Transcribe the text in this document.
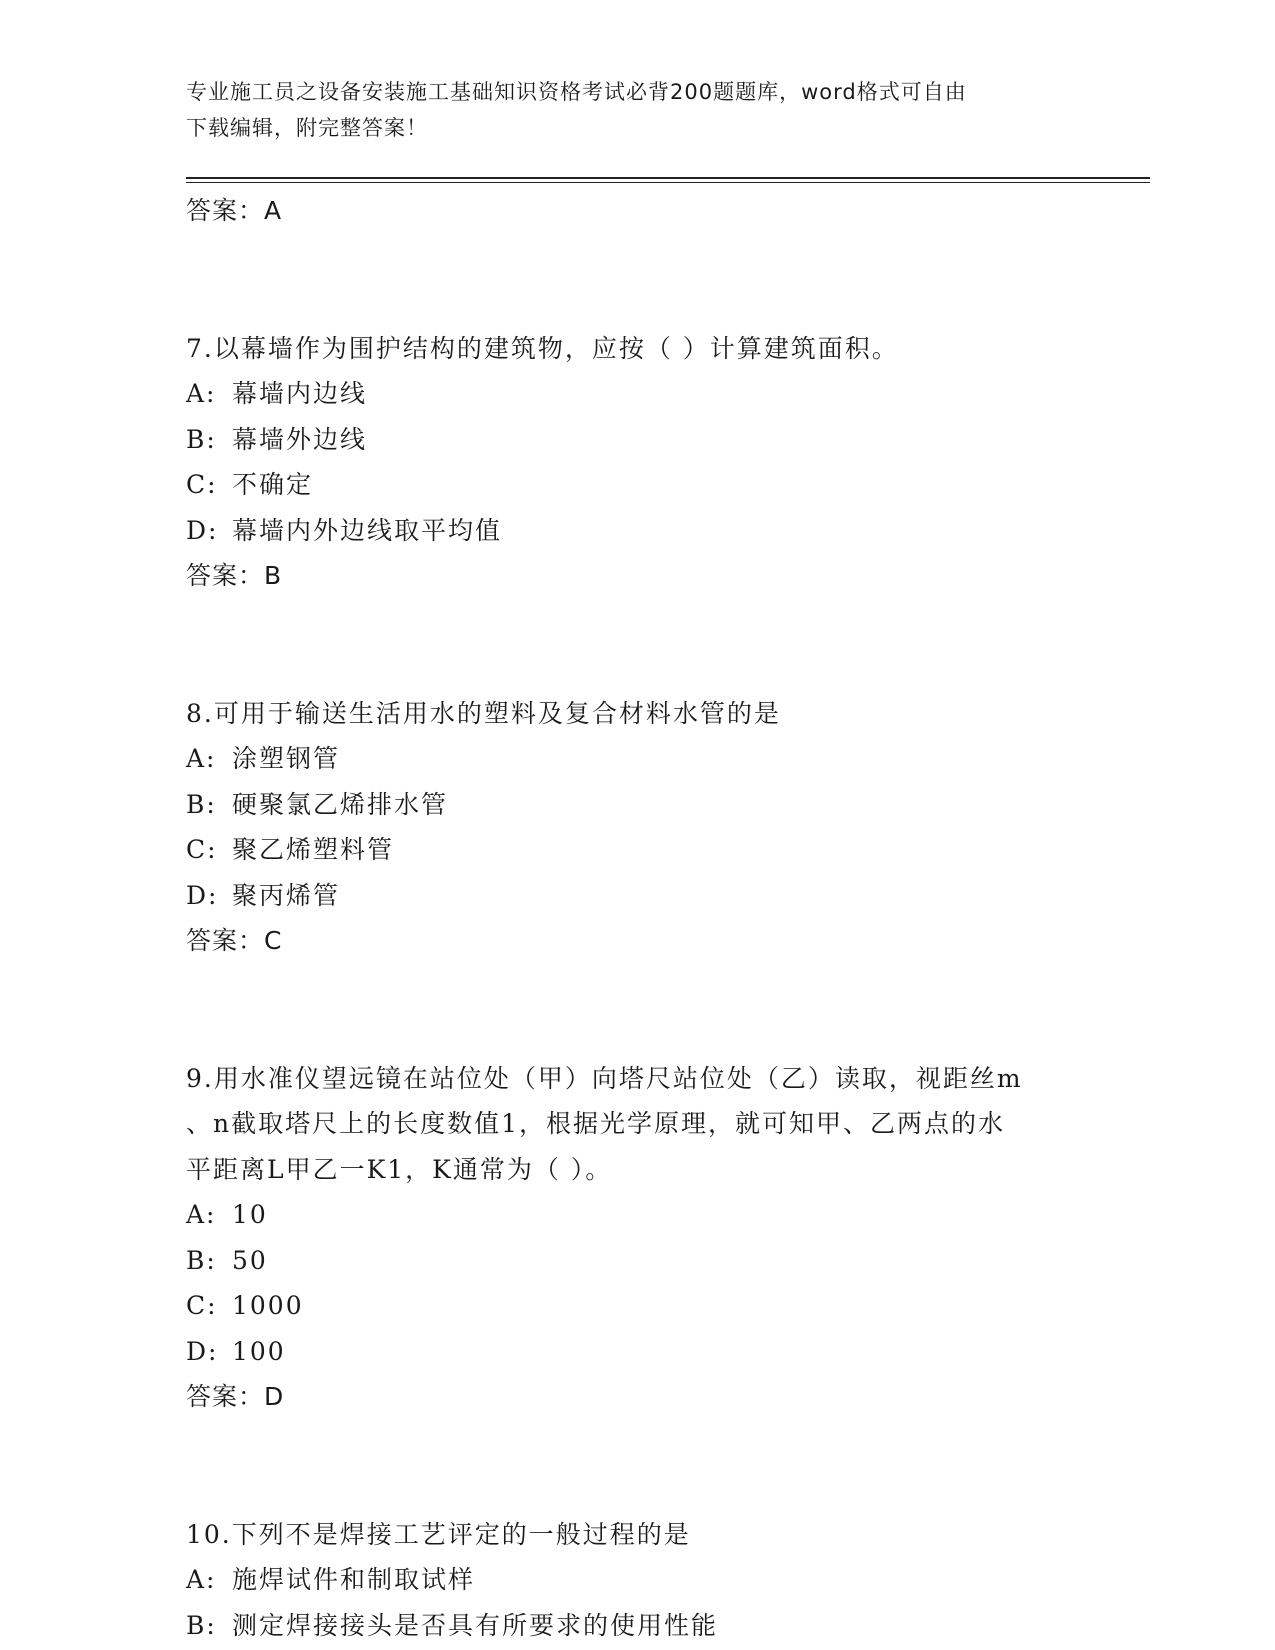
专业施工员之设备安装施工基础知识资格考试必背200题题库，word格式可自由
下载编辑，附完整答案！
答案：A
7.以幕墙作为围护结构的建筑物，应按（ ）计算建筑面积。
A: 幕墙内边线
B: 幕墙外边线
C: 不确定
D: 幕墙内外边线取平均值
答案：B
8.可用于输送生活用水的塑料及复合材料水管的是
A: 涂塑钢管
B: 硬聚氯乙烯排水管
C: 聚乙烯塑料管
D: 聚丙烯管
答案：C
9.用水准仪望远镜在站位处（甲）向塔尺站位处（乙）读取，视距丝m
、n截取塔尺上的长度数值1，根据光学原理，就可知甲、乙两点的水
平距离L甲乙一K1，K通常为（ ）。
A: 10
B: 50
C: 1000
D: 100
答案：D
10.下列不是焊接工艺评定的一般过程的是
A: 施焊试件和制取试样
B: 测定焊接接头是否具有所要求的使用性能
